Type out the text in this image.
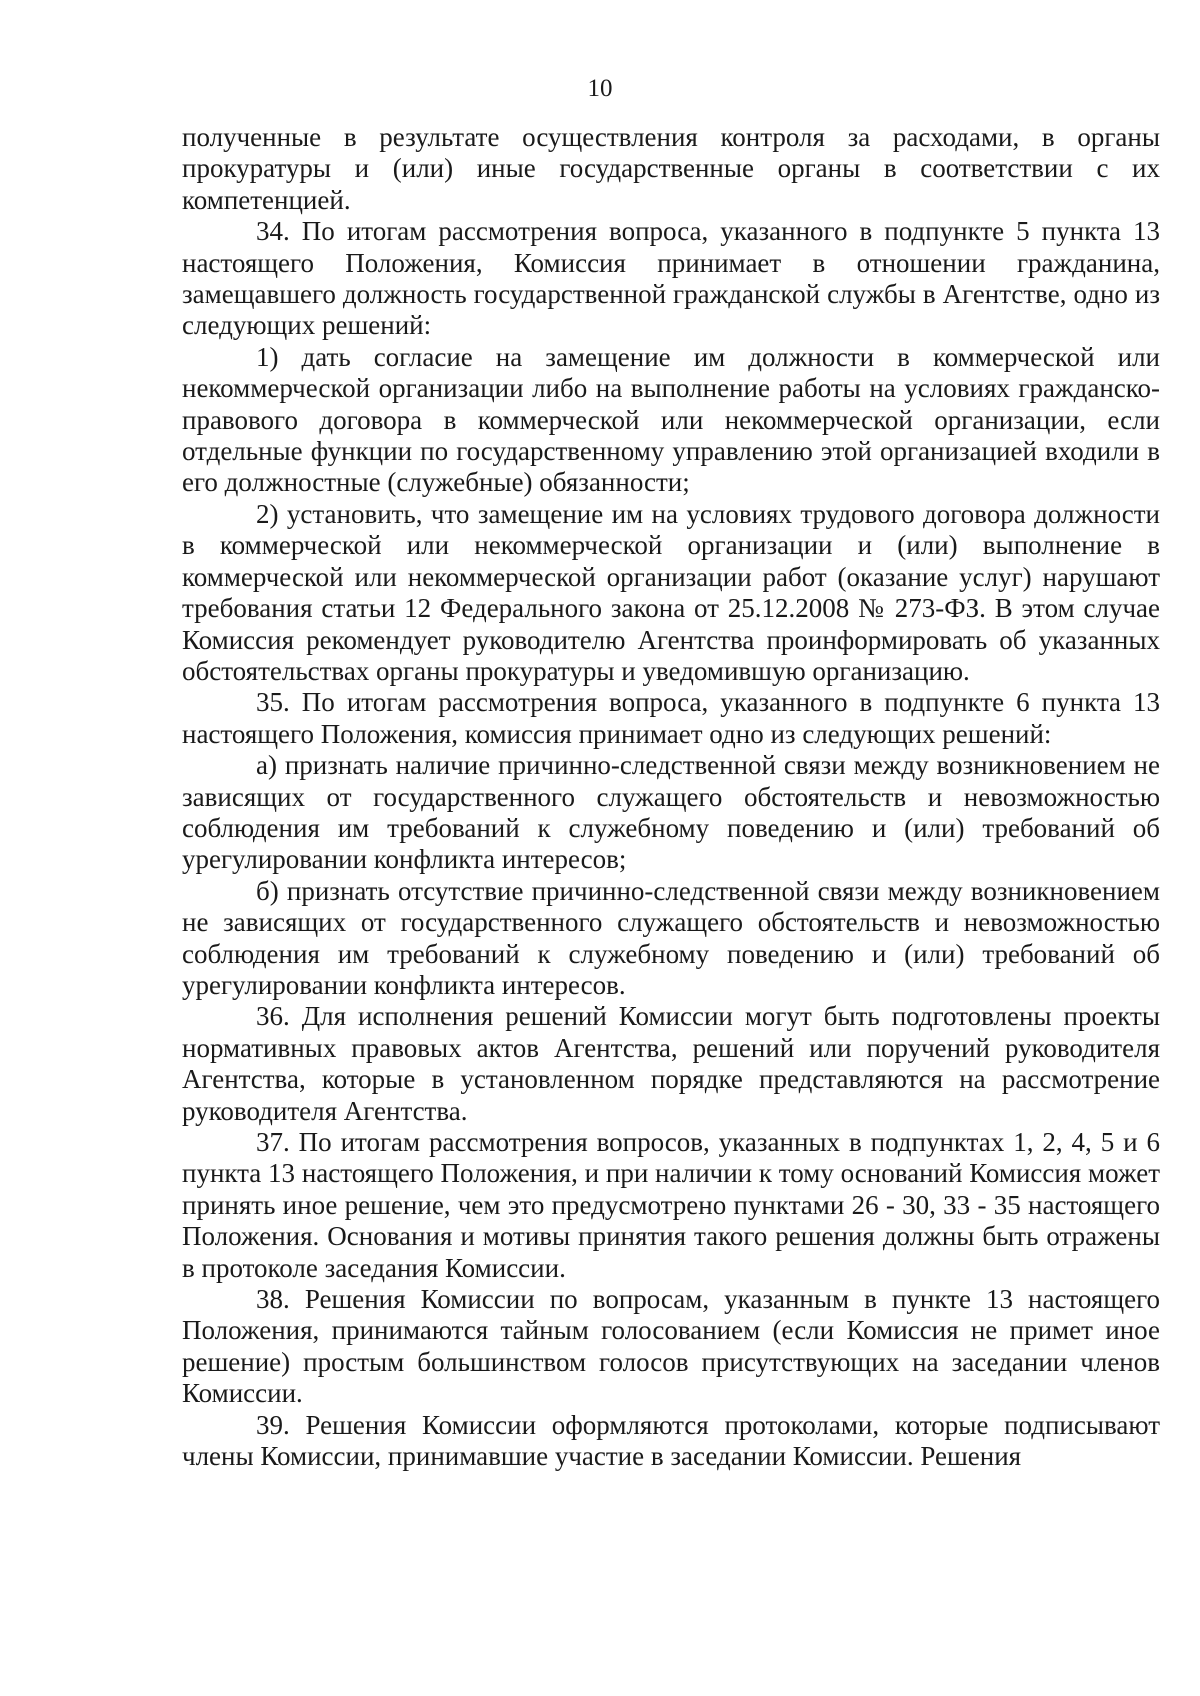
10

полученные в результате осуществления контроля за расходами, в органы прокуратуры и (или) иные государственные органы в соответствии с их компетенцией.

34. По итогам рассмотрения вопроса, указанного в подпункте 5 пункта 13 настоящего Положения, Комиссия принимает в отношении гражданина, замещавшего должность государственной гражданской службы в Агентстве, одно из следующих решений:

1) дать согласие на замещение им должности в коммерческой или некоммерческой организации либо на выполнение работы на условиях гражданско-правового договора в коммерческой или некоммерческой организации, если отдельные функции по государственному управлению этой организацией входили в его должностные (служебные) обязанности;

2) установить, что замещение им на условиях трудового договора должности в коммерческой или некоммерческой организации и (или) выполнение в коммерческой или некоммерческой организации работ (оказание услуг) нарушают требования статьи 12 Федерального закона от 25.12.2008 № 273-ФЗ. В этом случае Комиссия рекомендует руководителю Агентства проинформировать об указанных обстоятельствах органы прокуратуры и уведомившую организацию.

35. По итогам рассмотрения вопроса, указанного в подпункте 6 пункта 13 настоящего Положения, комиссия принимает одно из следующих решений:

а) признать наличие причинно-следственной связи между возникновением не зависящих от государственного служащего обстоятельств и невозможностью соблюдения им требований к служебному поведению и (или) требований об урегулировании конфликта интересов;

б) признать отсутствие причинно-следственной связи между возникновением не зависящих от государственного служащего обстоятельств и невозможностью соблюдения им требований к служебному поведению и (или) требований об урегулировании конфликта интересов.

36. Для исполнения решений Комиссии могут быть подготовлены проекты нормативных правовых актов Агентства, решений или поручений руководителя Агентства, которые в установленном порядке представляются на рассмотрение руководителя Агентства.

37. По итогам рассмотрения вопросов, указанных в подпунктах 1, 2, 4, 5 и 6 пункта 13 настоящего Положения, и при наличии к тому оснований Комиссия может принять иное решение, чем это предусмотрено пунктами 26 - 30, 33 - 35 настоящего Положения. Основания и мотивы принятия такого решения должны быть отражены в протоколе заседания Комиссии.

38. Решения Комиссии по вопросам, указанным в пункте 13 настоящего Положения, принимаются тайным голосованием (если Комиссия не примет иное решение) простым большинством голосов присутствующих на заседании членов Комиссии.

39. Решения Комиссии оформляются протоколами, которые подписывают члены Комиссии, принимавшие участие в заседании Комиссии. Решения
